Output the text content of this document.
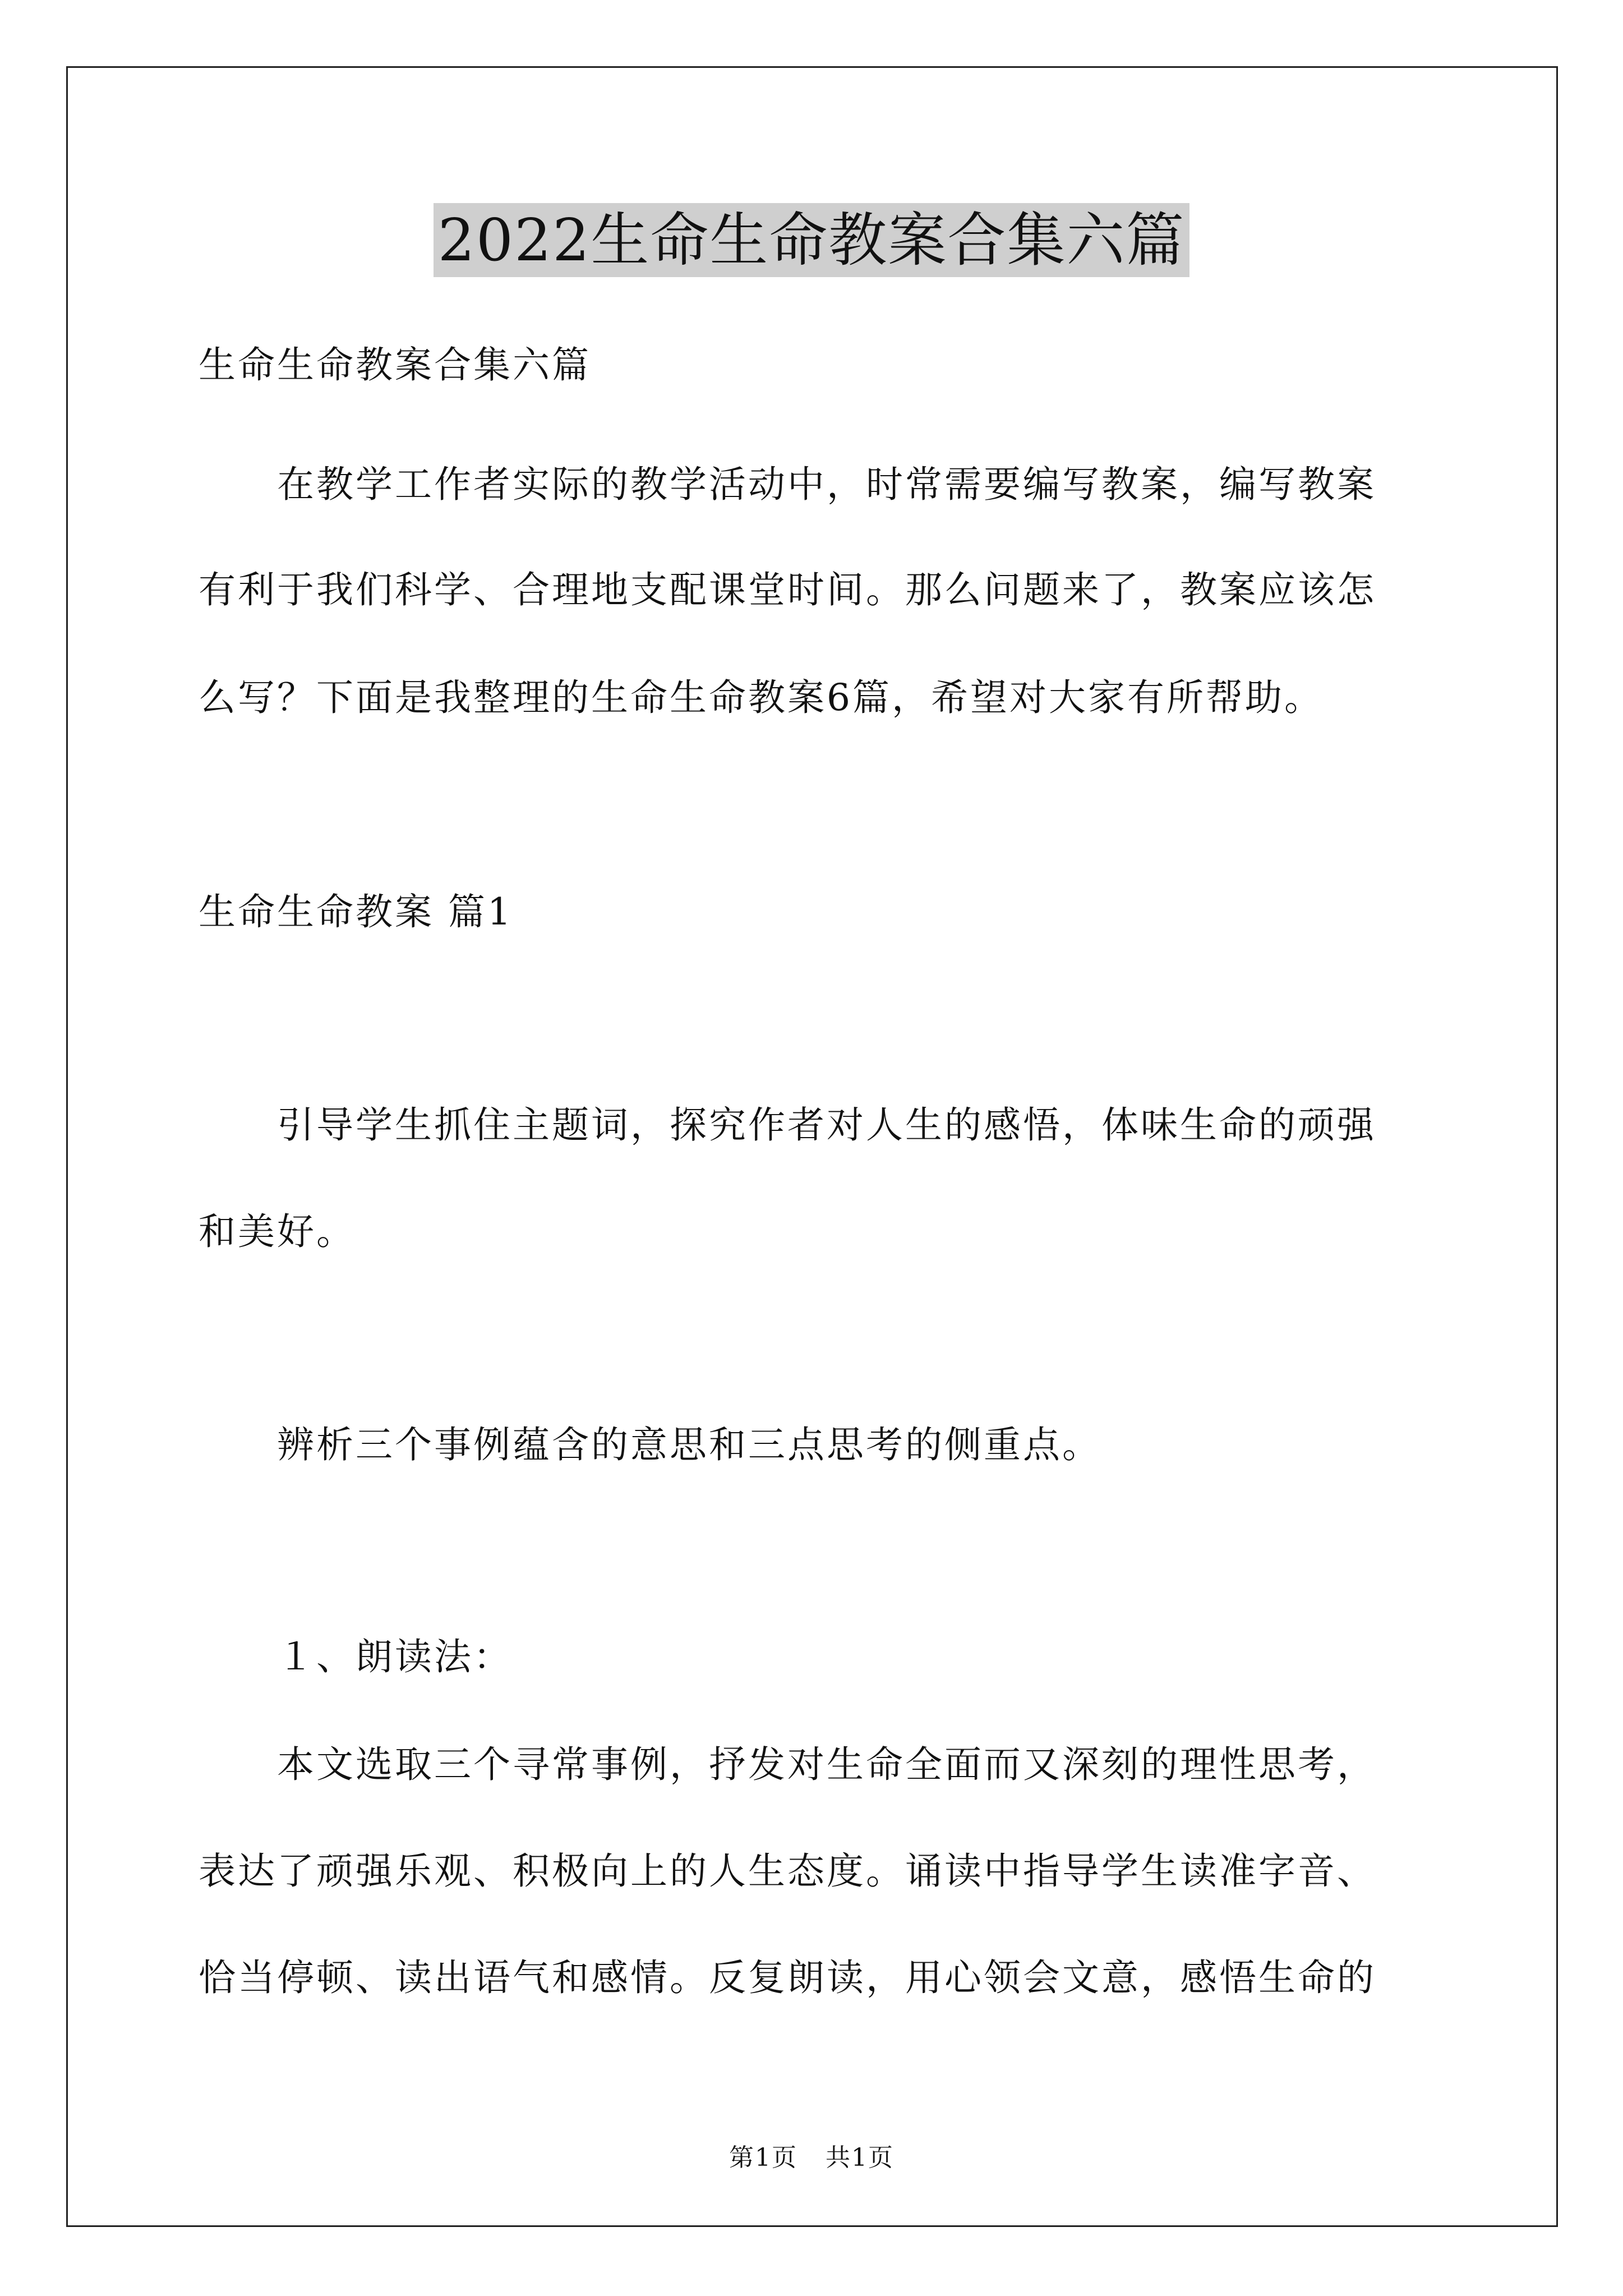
2022生命生命教案合集六篇
生命生命教案合集六篇
在教学工作者实际的教学活动中，时常需要编写教案，编写教案
有利于我们科学、合理地支配课堂时间。那么问题来了，教案应该怎
么写？下面是我整理的生命生命教案6篇，希望对大家有所帮助。
生命生命教案 篇1
引导学生抓住主题词，探究作者对人生的感悟，体味生命的顽强
和美好。
辨析三个事例蕴含的意思和三点思考的侧重点。
１、朗读法：
本文选取三个寻常事例，抒发对生命全面而又深刻的理性思考，
表达了顽强乐观、积极向上的人生态度。诵读中指导学生读准字音、
恰当停顿、读出语气和感情。反复朗读，用心领会文意，感悟生命的
第1页 共1页
